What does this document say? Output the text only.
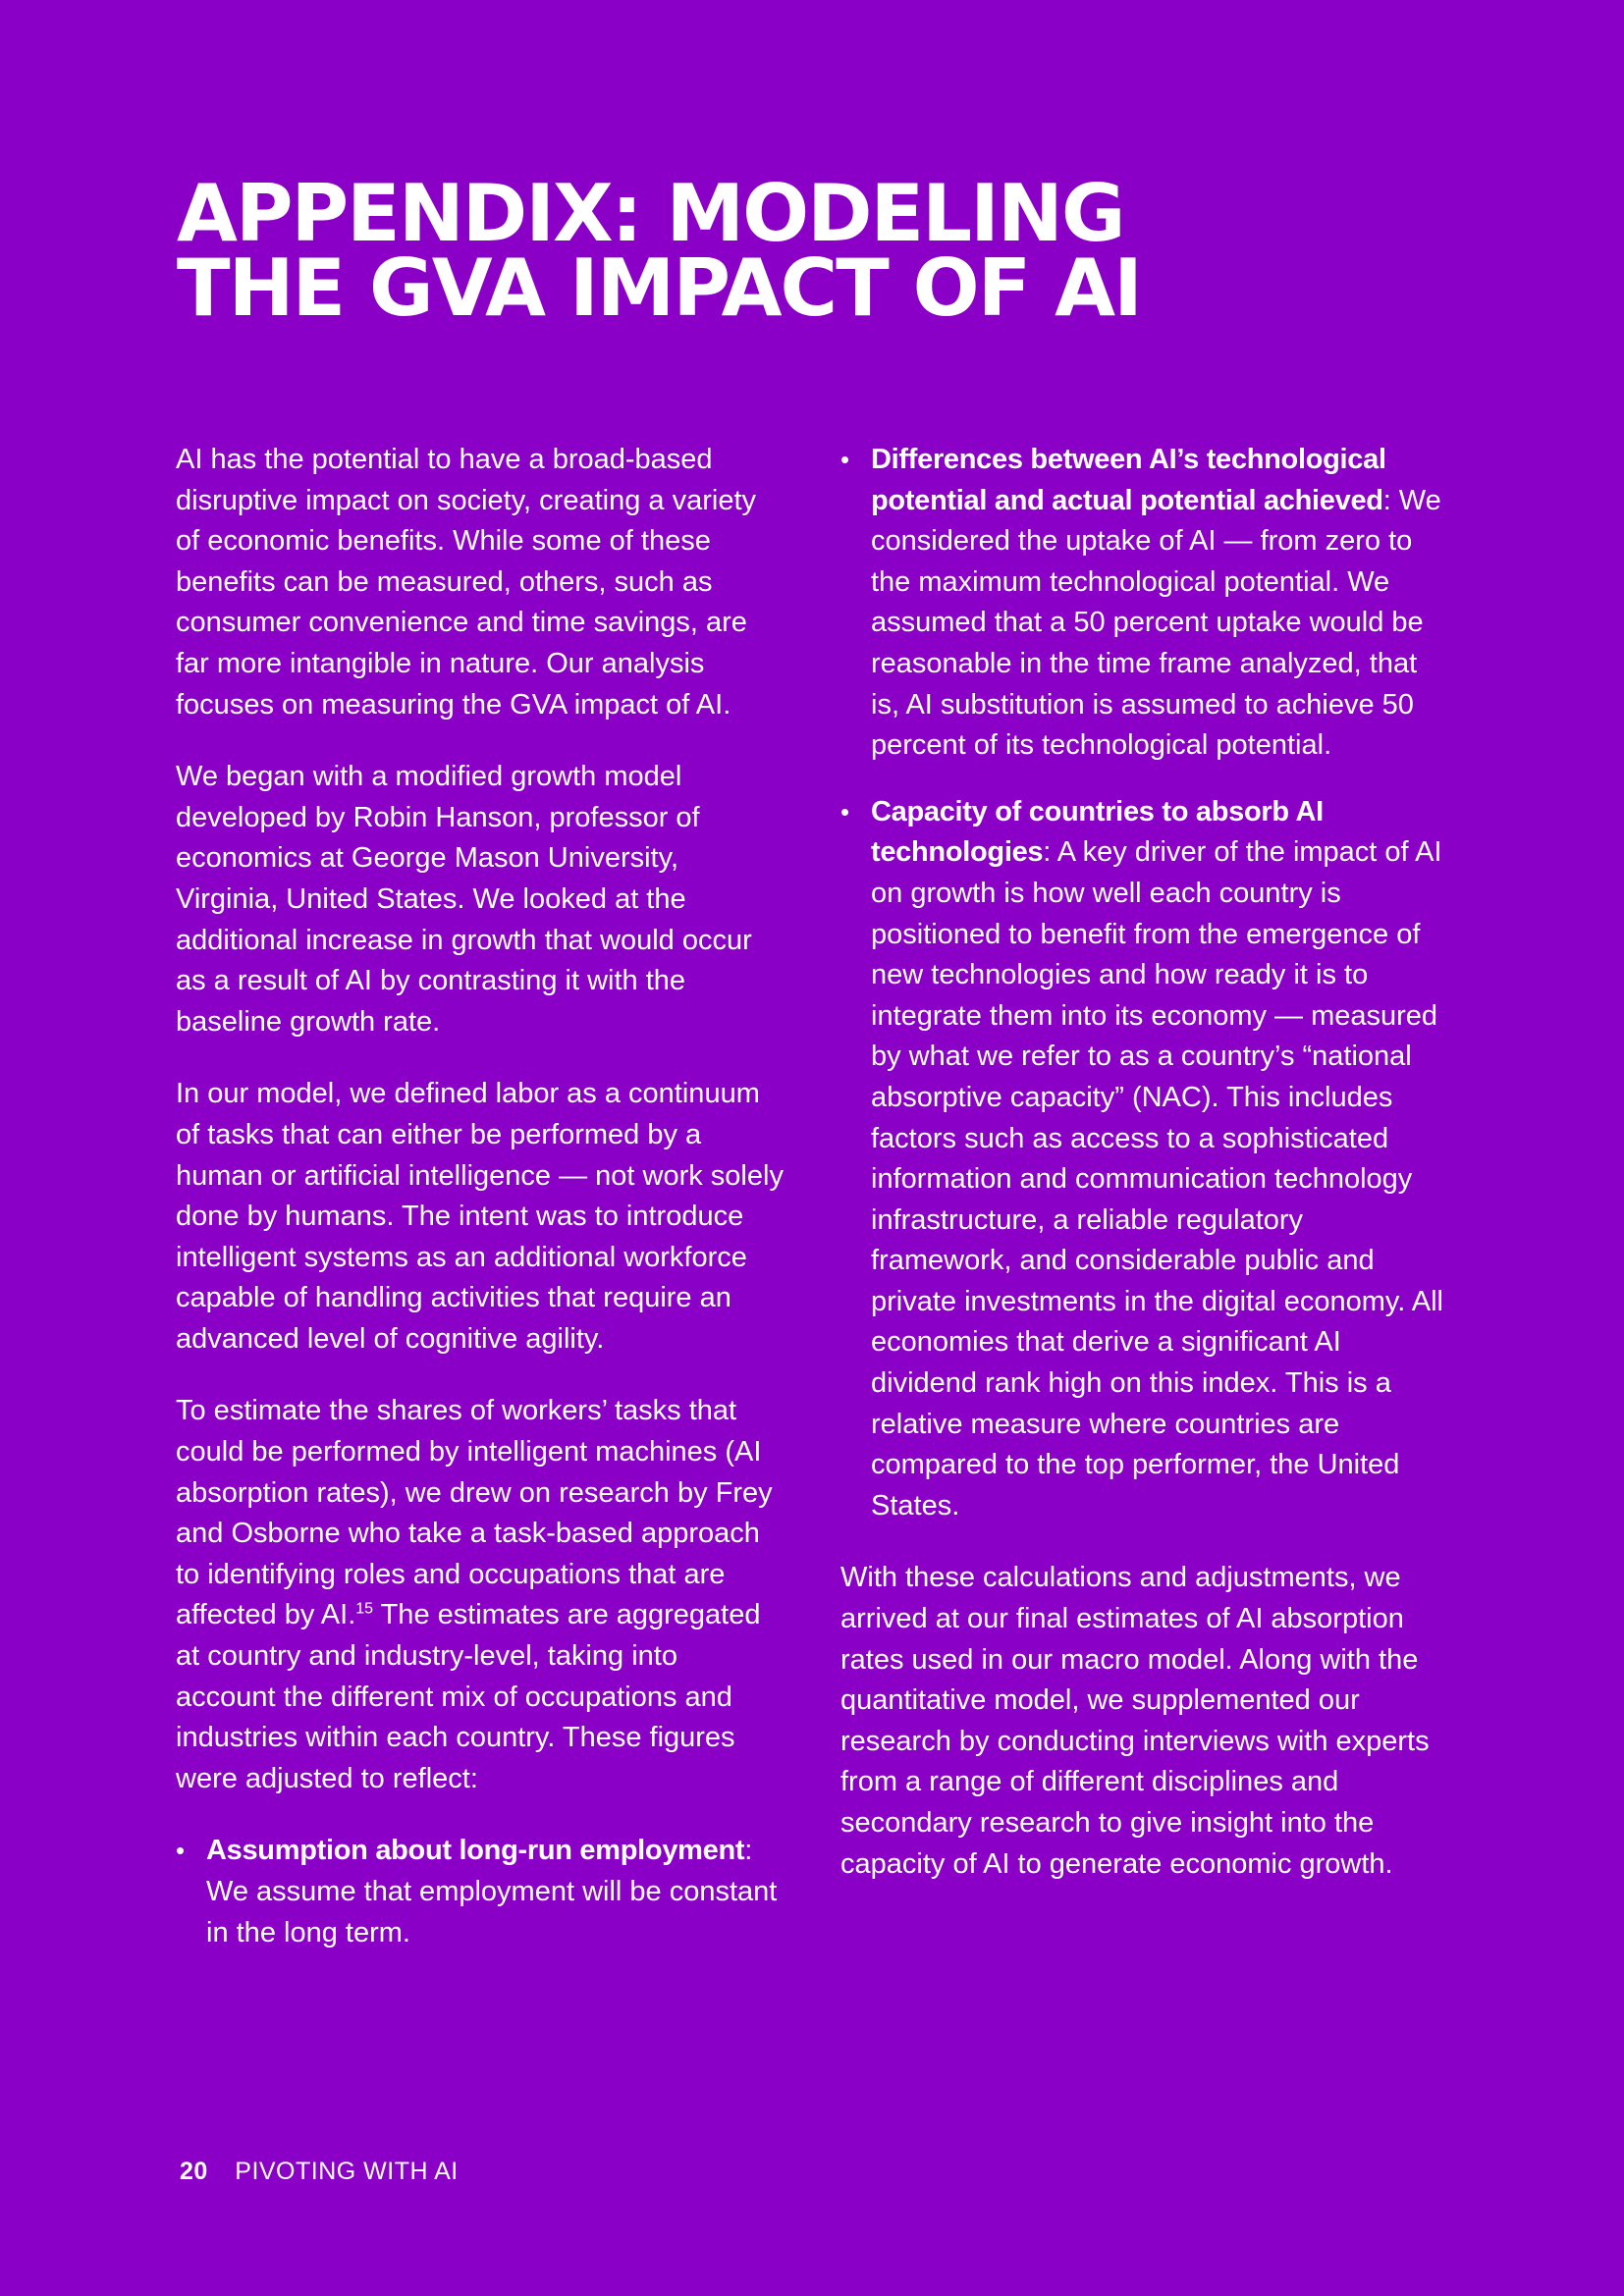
APPENDIX: MODELING
THE GVA IMPACT OF AI

AI has the potential to have a broad-based disruptive impact on society, creating a variety of economic benefits. While some of these benefits can be measured, others, such as consumer convenience and time savings, are far more intangible in nature. Our analysis focuses on measuring the GVA impact of AI.

We began with a modified growth model developed by Robin Hanson, professor of economics at George Mason University, Virginia, United States. We looked at the additional increase in growth that would occur as a result of AI by contrasting it with the baseline growth rate.

In our model, we defined labor as a continuum of tasks that can either be performed by a human or artificial intelligence — not work solely done by humans. The intent was to introduce intelligent systems as an additional workforce capable of handling activities that require an advanced level of cognitive agility.

To estimate the shares of workers’ tasks that could be performed by intelligent machines (AI absorption rates), we drew on research by Frey and Osborne who take a task-based approach to identifying roles and occupations that are affected by AI.$^{15}$ The estimates are aggregated at country and industry-level, taking into account the different mix of occupations and industries within each country. These figures were adjusted to reflect:

• Assumption about long-run employment: We assume that employment will be constant in the long term.
• Differences between AI’s technological potential and actual potential achieved: We considered the uptake of AI — from zero to the maximum technological potential. We assumed that a 50 percent uptake would be reasonable in the time frame analyzed, that is, AI substitution is assumed to achieve 50 percent of its technological potential.
• Capacity of countries to absorb AI technologies: A key driver of the impact of AI on growth is how well each country is positioned to benefit from the emergence of new technologies and how ready it is to integrate them into its economy — measured by what we refer to as a country’s “national absorptive capacity” (NAC). This includes factors such as access to a sophisticated information and communication technology infrastructure, a reliable regulatory framework, and considerable public and private investments in the digital economy. All economies that derive a significant AI dividend rank high on this index. This is a relative measure where countries are compared to the top performer, the United States.

With these calculations and adjustments, we arrived at our final estimates of AI absorption rates used in our macro model. Along with the quantitative model, we supplemented our research by conducting interviews with experts from a range of different disciplines and secondary research to give insight into the capacity of AI to generate economic growth.

20 PIVOTING WITH AI
